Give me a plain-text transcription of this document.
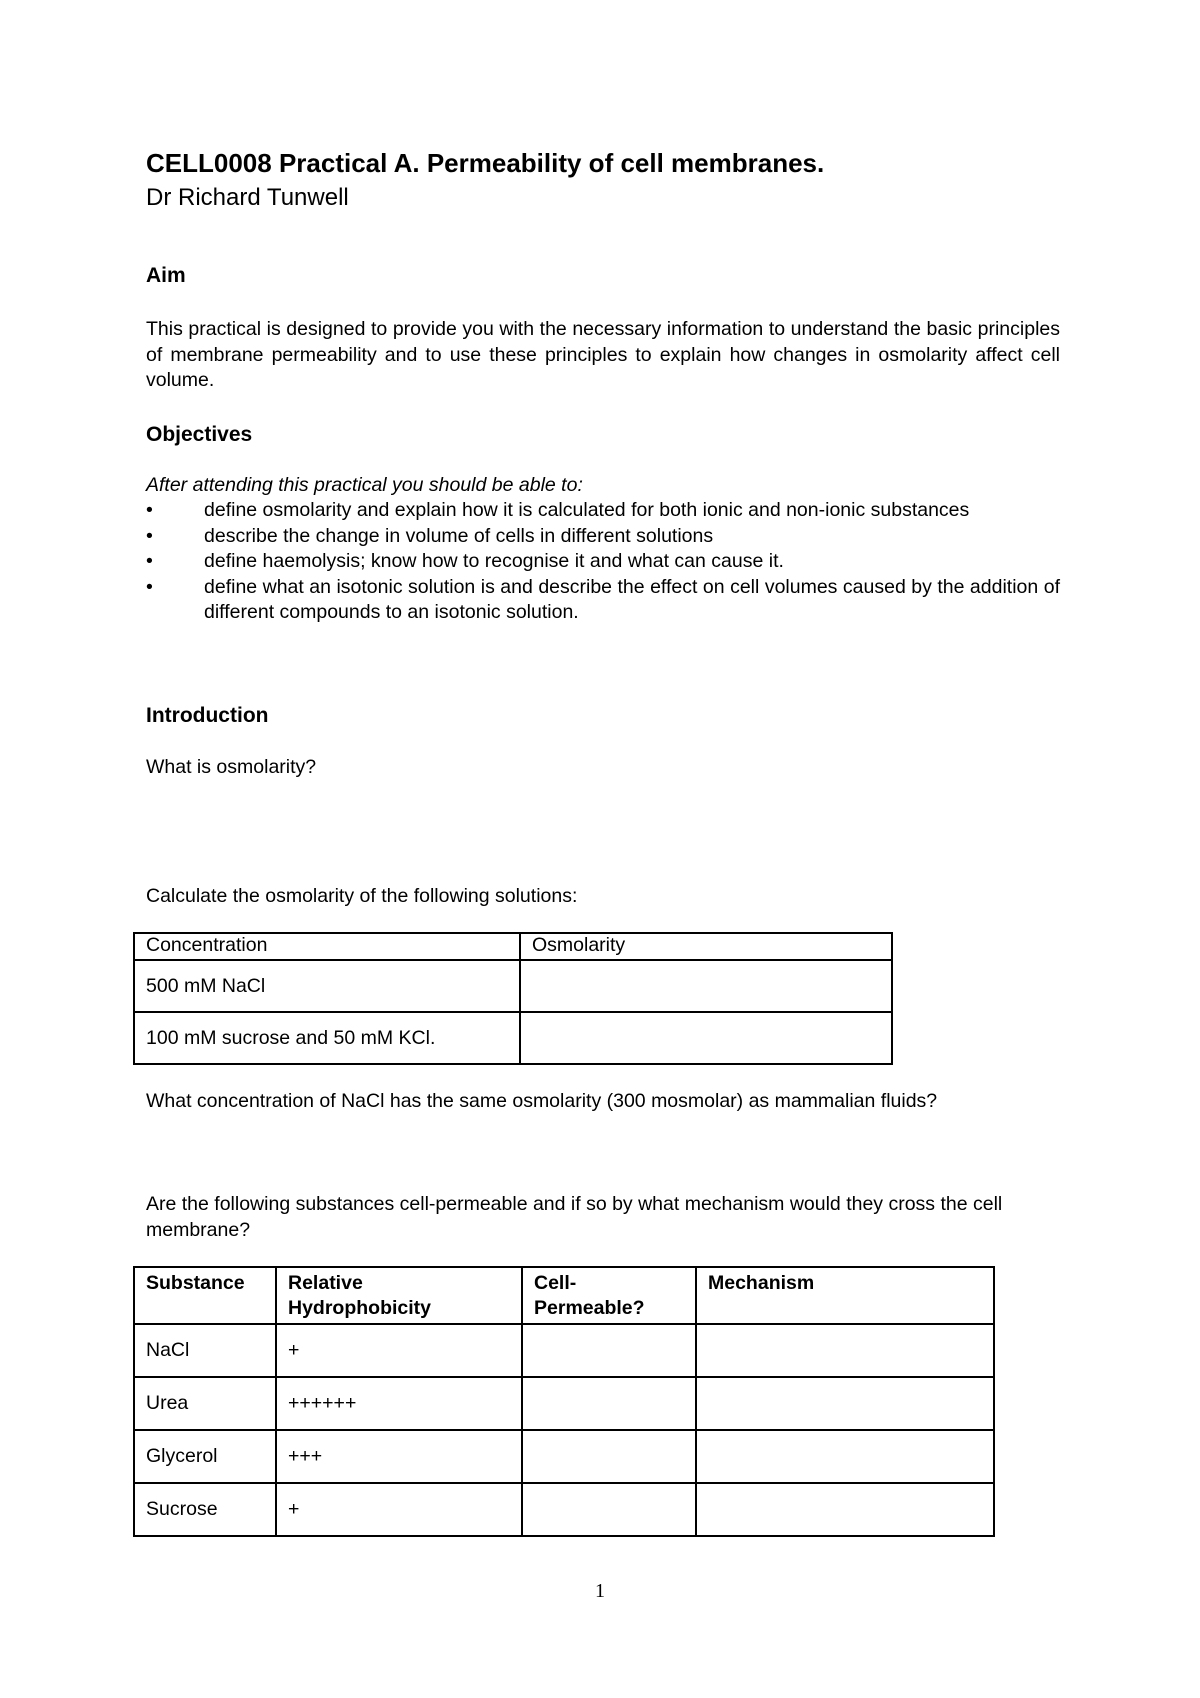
CELL0008 Practical A. Permeability of cell membranes.
Dr Richard Tunwell
Aim
This practical is designed to provide you with the necessary information to understand the basic principles of membrane permeability and to use these principles to explain how changes in osmolarity affect cell volume.
Objectives
After attending this practical you should be able to:
•	define osmolarity and explain how it is calculated for both ionic and non-ionic substances
•	describe the change in volume of cells in different solutions
•	define haemolysis; know how to recognise it and what can cause it.
•	define what an isotonic solution is and describe the effect on cell volumes caused by the addition of different compounds to an isotonic solution.
Introduction
What is osmolarity?
Calculate the osmolarity of the following solutions:
Concentration	Osmolarity
500 mM NaCl	
100 mM sucrose and 50 mM KCl.	
What concentration of NaCl has the same osmolarity (300 mosmolar) as mammalian fluids?
Are the following substances cell-permeable and if so by what mechanism would they cross the cell membrane?
Substance	Relative Hydrophobicity	Cell-Permeable?	Mechanism
NaCl	+		
Urea	++++++		
Glycerol	+++		
Sucrose	+		
1
